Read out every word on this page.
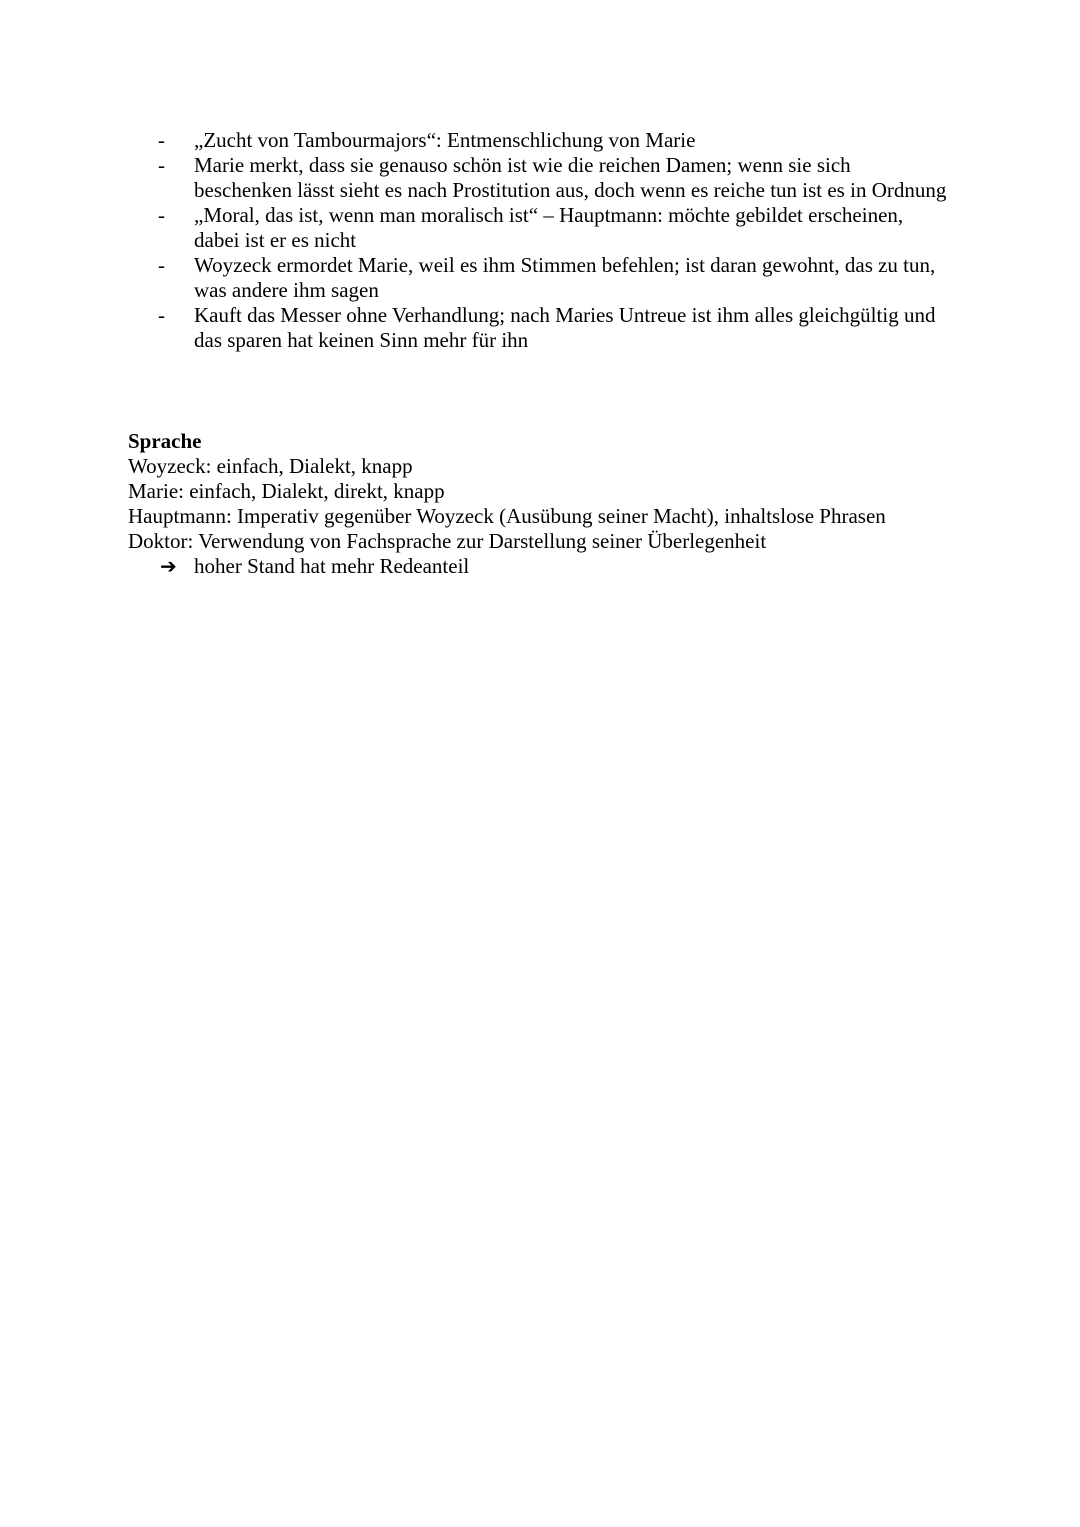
- „Zucht von Tambourmajors“: Entmenschlichung von Marie
- Marie merkt, dass sie genauso schön ist wie die reichen Damen; wenn sie sich beschenken lässt sieht es nach Prostitution aus, doch wenn es reiche tun ist es in Ordnung
- „Moral, das ist, wenn man moralisch ist“ – Hauptmann: möchte gebildet erscheinen, dabei ist er es nicht
- Woyzeck ermordet Marie, weil es ihm Stimmen befehlen; ist daran gewohnt, das zu tun, was andere ihm sagen
- Kauft das Messer ohne Verhandlung; nach Maries Untreue ist ihm alles gleichgültig und das sparen hat keinen Sinn mehr für ihn

Sprache

Woyzeck: einfach, Dialekt, knapp

Marie: einfach, Dialekt, direkt, knapp

Hauptmann: Imperativ gegenüber Woyzeck (Ausübung seiner Macht), inhaltslose Phrasen

Doktor: Verwendung von Fachsprache zur Darstellung seiner Überlegenheit

➔ hoher Stand hat mehr Redeanteil
